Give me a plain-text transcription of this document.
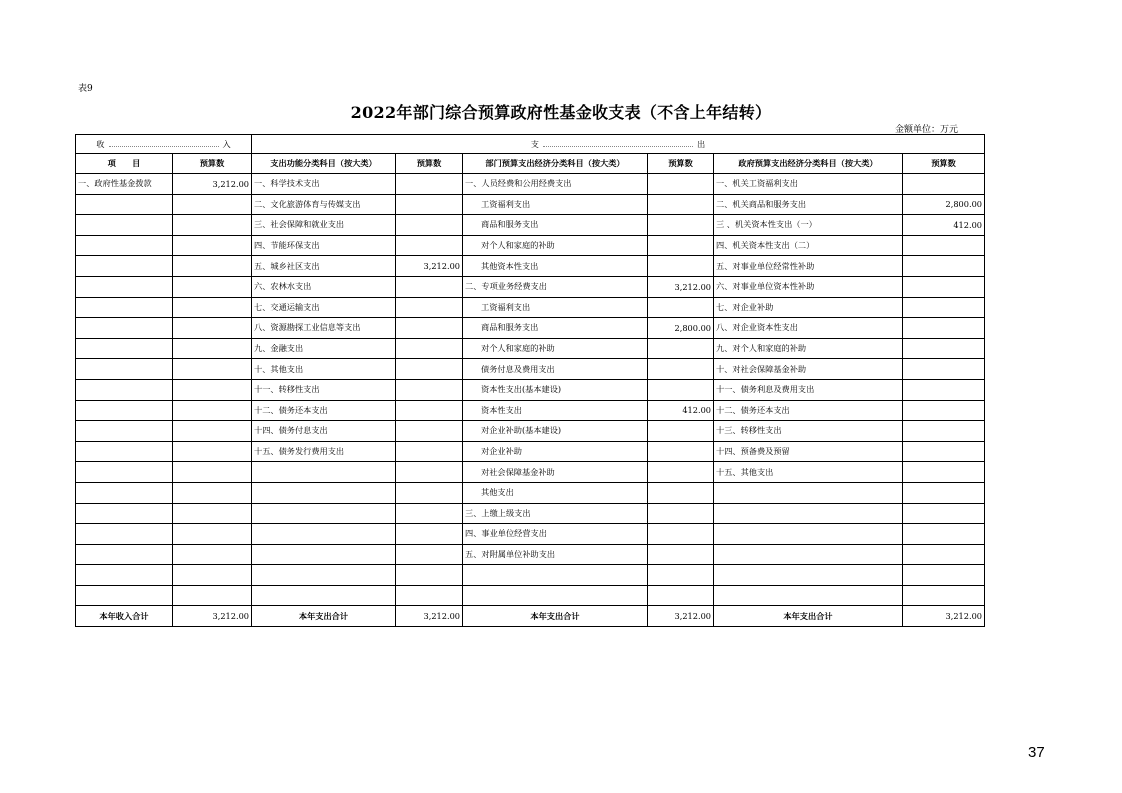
表9
2022年部门综合预算政府性基金收支表（不含上年结转）
金额单位：万元
收 入		支 出					
项　　目	预算数	支出功能分类科目（按大类）	预算数	部门预算支出经济分类科目（按大类）	预算数	政府预算支出经济分类科目（按大类）	预算数
一、政府性基金拨款	3,212.00	一、科学技术支出		一、人员经费和公用经费支出		一、机关工资福利支出	
		二、文化旅游体育与传媒支出		工资福利支出		二、机关商品和服务支出	2,800.00
		三、社会保障和就业支出		商品和服务支出		三 、机关资本性支出（一）	412.00
		四、节能环保支出		对个人和家庭的补助		四、机关资本性支出（二）	
		五、城乡社区支出	3,212.00	其他资本性支出		五、对事业单位经常性补助	
		六、农林水支出		二、专项业务经费支出	3,212.00	六、对事业单位资本性补助	
		七、交通运输支出		工资福利支出		七、对企业补助	
		八、资源勘探工业信息等支出		商品和服务支出	2,800.00	八、对企业资本性支出	
		九、金融支出		对个人和家庭的补助		九、对个人和家庭的补助	
		十、其他支出		债务付息及费用支出		十、对社会保障基金补助	
		十一、转移性支出		资本性支出(基本建设)		十一、债务利息及费用支出	
		十二、债务还本支出		资本性支出	412.00	十二、债务还本支出	
		十四、债务付息支出		对企业补助(基本建设)		十三、转移性支出	
		十五、债务发行费用支出		对企业补助		十四、预备费及预留	
				对社会保障基金补助		十五、其他支出	
				其他支出			
				三、上缴上级支出			
				四、事业单位经营支出			
				五、对附属单位补助支出			

本年收入合计	3,212.00	本年支出合计	3,212.00	本年支出合计	3,212.00	本年支出合计	3,212.00
37
